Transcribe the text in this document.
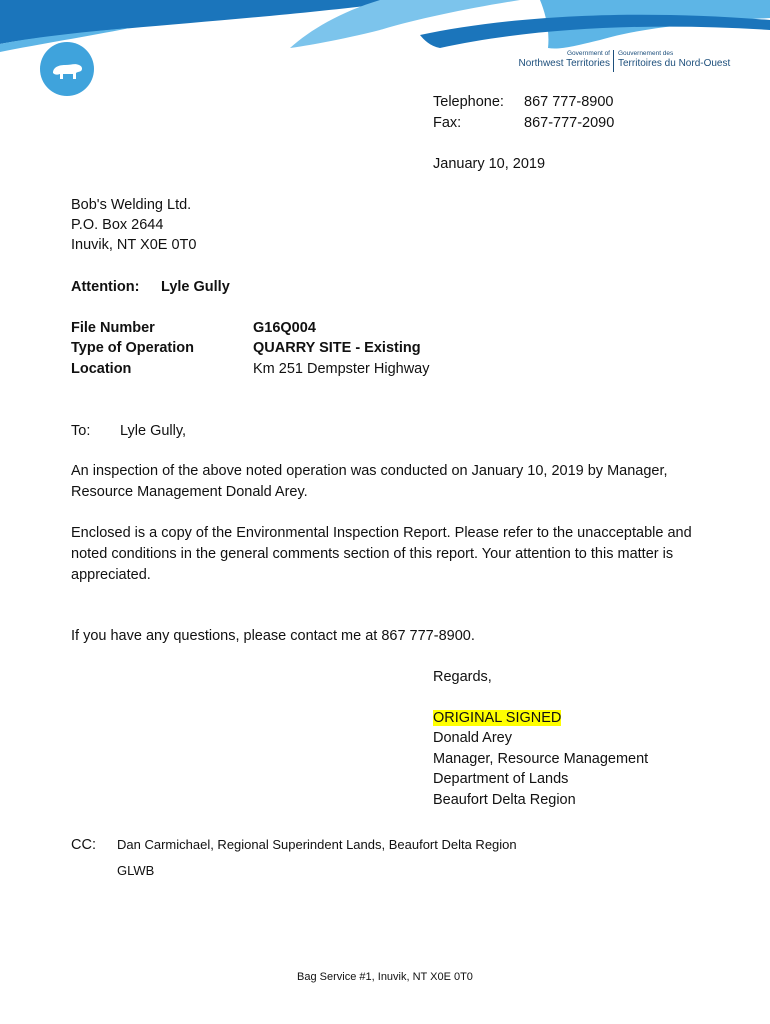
Government of
Northwest Territories
Gouvernement des
Territoires du Nord-Ouest
Telephone: 867 777-8900
Fax:	867-777-2090
January 10, 2019
Bob's Welding Ltd.
P.O. Box 2644
Inuvik, NT X0E 0T0
Attention: Lyle Gully
File Number	G16Q004
Type of Operation	QUARRY SITE - Existing
Location	Km 251 Dempster Highway
To: Lyle Gully,
An inspection of the above noted operation was conducted on January 10, 2019 by Manager, Resource Management Donald Arey.
Enclosed is a copy of the Environmental Inspection Report. Please refer to the unacceptable and noted conditions in the general comments section of this report. Your attention to this matter is appreciated.
If you have any questions, please contact me at 867 777-8900.
Regards,
ORIGINAL SIGNED
Donald Arey
Manager, Resource Management
Department of Lands
Beaufort Delta Region
CC: Dan Carmichael, Regional Superindent Lands, Beaufort Delta Region
GLWB
Bag Service #1, Inuvik, NT X0E 0T0
